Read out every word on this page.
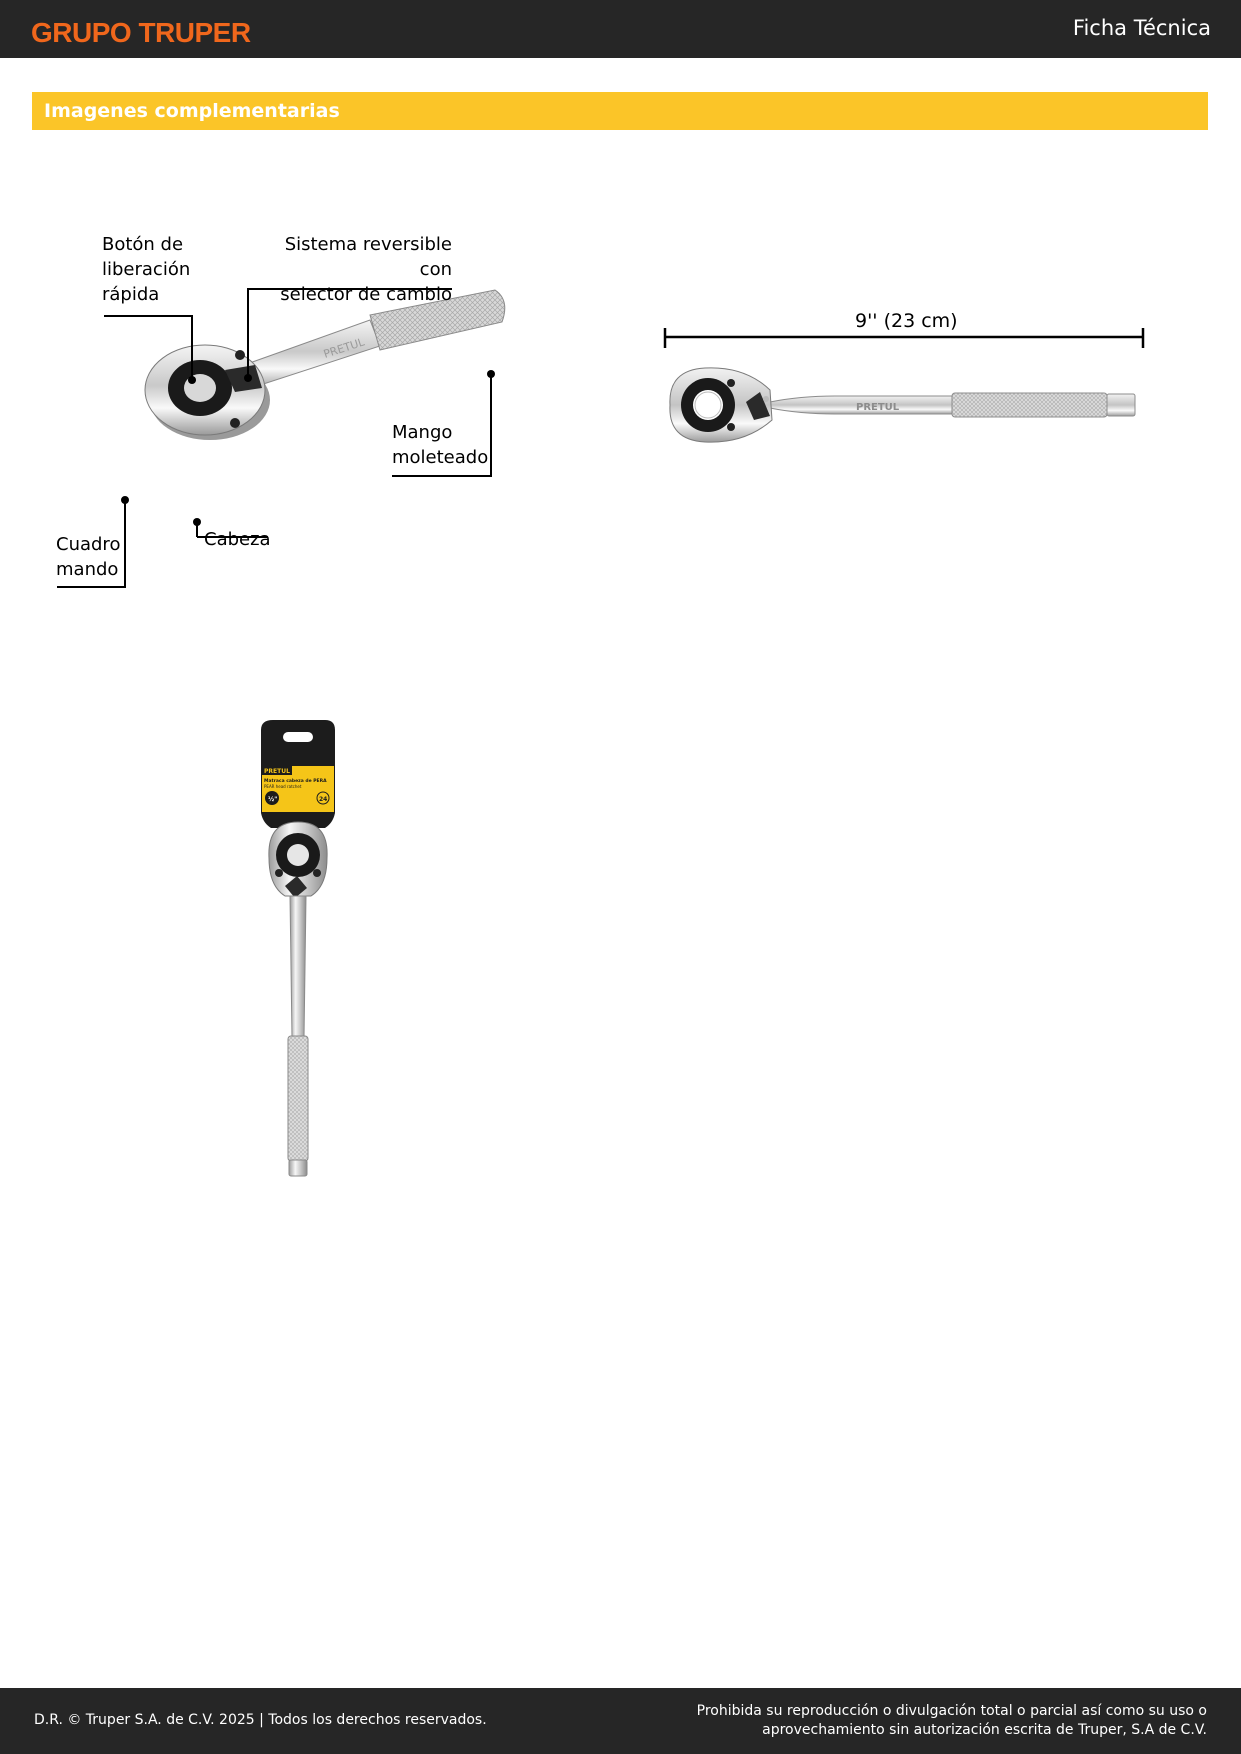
GRUPO TRUPER	Ficha Técnica
Imagenes complementarias
PRETUL
Botón de
liberación
rápida
Sistema reversible con
selector de cambio
Mango
moleteado
Cuadro
mando
Cabeza
PRETUL
9'' (23 cm)
PRETUL
Matraca cabeza de PERA
PEAR head ratchet
½"	24
D.R. © Truper S.A. de C.V. 2025 | Todos los derechos reservados.
Prohibida su reproducción o divulgación total o parcial así como su uso o aprovechamiento sin autorización escrita de Truper, S.A de C.V.
